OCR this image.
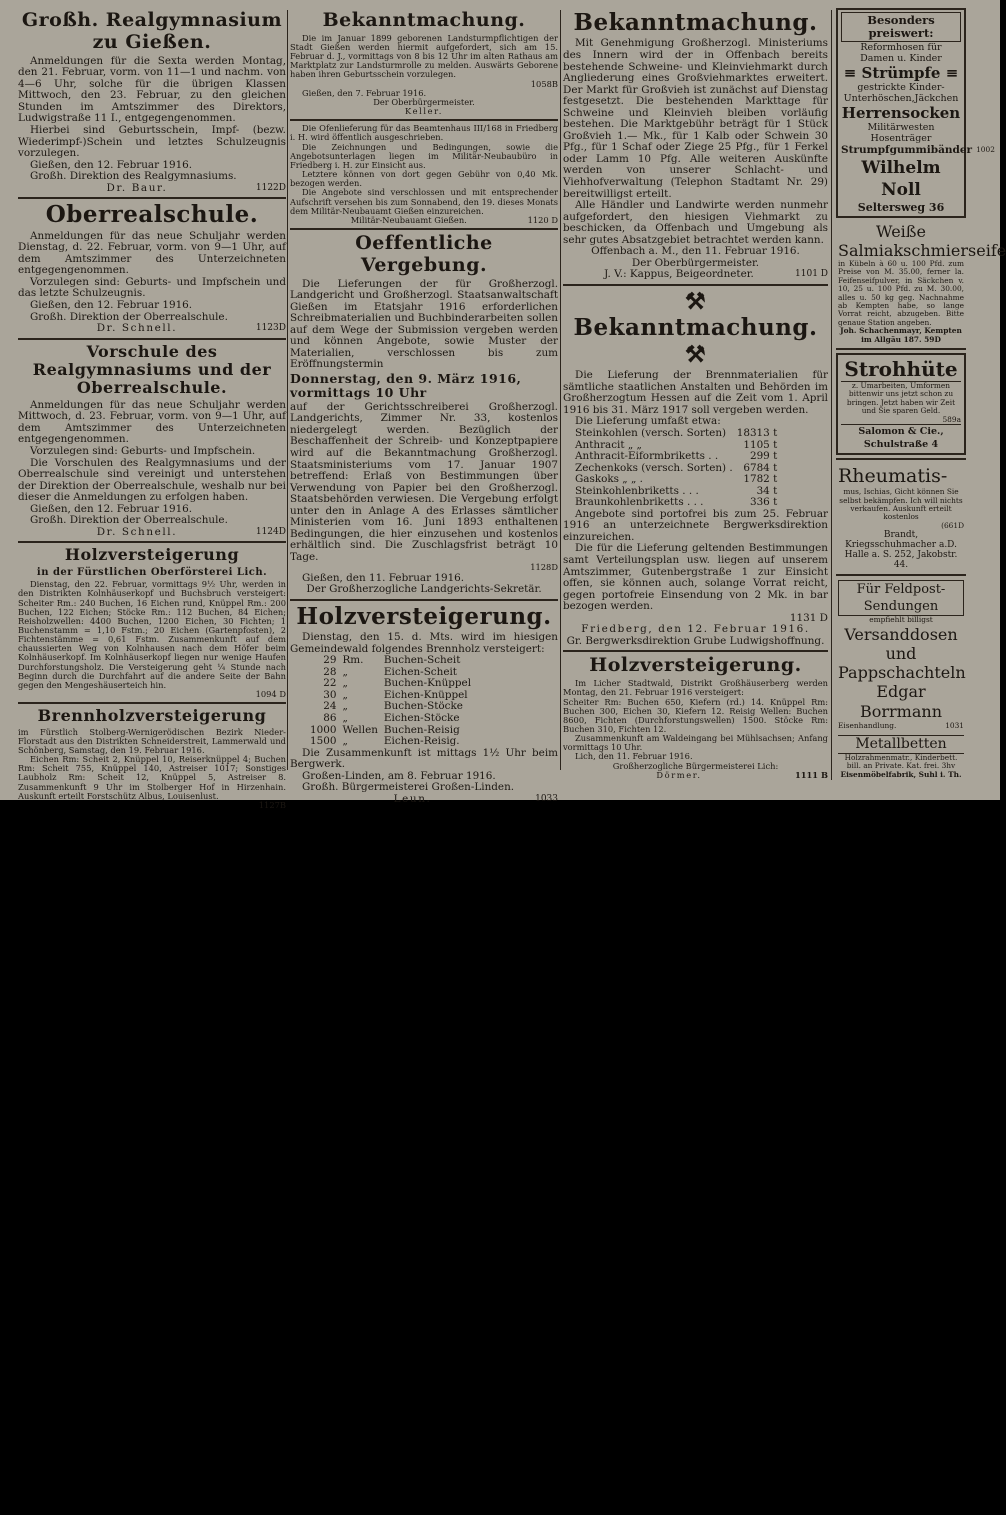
Großh. Realgymnasium zu Gießen.
Anmeldungen für die Sexta werden Montag, den 21. Februar, vorm. von 11—1 und nachm. von 4—6 Uhr, solche für die übrigen Klassen Mittwoch, den 23. Februar, zu den gleichen Stunden im Amtszimmer des Direktors, Ludwigstraße 11 I., entgegengenommen.
Hierbei sind Geburtsschein, Impf- (bezw. Wiederimpf-)Schein und letztes Schulzeugnis vorzulegen.
Gießen, den 12. Februar 1916.
Großh. Direktion des Realgymnasiums.
Dr. Baur.	1122D
Oberrealschule.
Anmeldungen für das neue Schuljahr werden Dienstag, d. 22. Februar, vorm. von 9—1 Uhr, auf dem Amtszimmer des Unterzeichneten entgegengenommen.
Vorzulegen sind: Geburts- und Impfschein und das letzte Schulzeugnis.
Gießen, den 12. Februar 1916.
Großh. Direktion der Oberrealschule.
Dr. Schnell.	1123D
Vorschule des Realgymnasiums und der Oberrealschule.
Anmeldungen für das neue Schuljahr werden Mittwoch, d. 23. Februar, vorm. von 9—1 Uhr, auf dem Amtszimmer des Unterzeichneten entgegengenommen.
Vorzulegen sind: Geburts- und Impfschein.
Die Vorschulen des Realgymnasiums und der Oberrealschule sind vereinigt und unterstehen der Direktion der Oberrealschule, weshalb nur bei dieser die Anmeldungen zu erfolgen haben.
Gießen, den 12. Februar 1916.
Großh. Direktion der Oberrealschule.
Dr. Schnell.	1124D
Holzversteigerung
in der Fürstlichen Oberförsterei Lich.
Dienstag, den 22. Februar, vormittags 9½ Uhr, werden in den Distrikten Kolnhäuserkopf und Buchsbruch versteigert: Scheiter Rm.: 240 Buchen, 16 Eichen rund, Knüppel Rm.: 200 Buchen, 122 Eichen; Stöcke Rm.: 112 Buchen, 84 Eichen; Reisholzwellen: 4400 Buchen, 1200 Eichen, 30 Fichten; 1 Buchenstamm = 1,10 Fstm.; 20 Eichen (Gartenpfosten), 2 Fichtenstämme = 0,61 Fstm. Zusammenkunft auf dem chaussierten Weg von Kolnhausen nach dem Höfer beim Kolnhäuserkopf. Im Kolnhäuserkopf liegen nur wenige Haufen Durchforstungsholz. Die Versteigerung geht ¼ Stunde nach Beginn durch die Durchfahrt auf die andere Seite der Bahn gegen den Mengeshäuserteich hin.
1094 D
Brennholzversteigerung
im Fürstlich Stolberg-Wernigerödischen Bezirk Nieder-Florstadt aus den Distrikten Schneiderstreit, Lammerwald und Schönberg, Samstag, den 19. Februar 1916.
Eichen Rm: Scheit 2, Knüppel 10, Reiserknüppel 4; Buchen Rm: Scheit 755, Knüppel 140, Astreiser 1017; Sonstiges Laubholz Rm: Scheit 12, Knüppel 5, Astreiser 8. Zusammenkunft 9 Uhr im Stolberger Hof in Hirzenhain. Auskunft erteilt Forstschütz Albus, Louisenlust.
1127B
Bekanntmachung.
Die im Januar 1899 geborenen Landsturmpflichtigen der Stadt Gießen werden hiermit aufgefordert, sich am 15. Februar d. J., vormittags von 8 bis 12 Uhr im alten Rathaus am Marktplatz zur Landsturmrolle zu melden. Auswärts Geborene haben ihren Geburtsschein vorzulegen.
1058B
Gießen, den 7. Februar 1916.
Der Oberbürgermeister.
Keller.
Die Ofenlieferung für das Beamtenhaus III/168 in Friedberg i. H. wird öffentlich ausgeschrieben.
Die Zeichnungen und Bedingungen, sowie die Angebotsunterlagen liegen im Militär-Neubaubüro in Friedberg i. H. zur Einsicht aus.
Letztere können von dort gegen Gebühr von 0,40 Mk. bezogen werden.
Die Angebote sind verschlossen und mit entsprechender Aufschrift versehen bis zum Sonnabend, den 19. dieses Monats dem Militär-Neubauamt Gießen einzureichen.
Militär-Neubauamt Gießen.	1120 D
Oeffentliche Vergebung.
Die Lieferungen der für Großherzogl. Landgericht und Großherzogl. Staatsanwaltschaft Gießen im Etatsjahr 1916 erforderlichen Schreibmaterialien und Buchbinderarbeiten sollen auf dem Wege der Submission vergeben werden und können Angebote, sowie Muster der Materialien, verschlossen bis zum Eröffnungstermin
Donnerstag, den 9. März 1916, vormittags 10 Uhr
auf der Gerichtsschreiberei Großherzogl. Landgerichts, Zimmer Nr. 33, kostenlos niedergelegt werden. Bezüglich der Beschaffenheit der Schreib- und Konzeptpapiere wird auf die Bekanntmachung Großherzogl. Staatsministeriums vom 17. Januar 1907 betreffend: Erlaß von Bestimmungen über Verwendung von Papier bei den Großherzogl. Staatsbehörden verwiesen. Die Vergebung erfolgt unter den in Anlage A des Erlasses sämtlicher Ministerien vom 16. Juni 1893 enthaltenen Bedingungen, die hier einzusehen und kostenlos erhältlich sind. Die Zuschlagsfrist beträgt 10 Tage.
1128D
Gießen, den 11. Februar 1916.
Der Großherzogliche Landgerichts-Sekretär.
Holzversteigerung.
Dienstag, den 15. d. Mts. wird im hiesigen Gemeindewald folgendes Brennholz versteigert:
29	Rm.	Buchen-Scheit
28	„	Eichen-Scheit
22	„	Buchen-Knüppel
30	„	Eichen-Knüppel
24	„	Buchen-Stöcke
86	„	Eichen-Stöcke
1000	Wellen	Buchen-Reisig
1500	„	Eichen-Reisig.
Die Zusammenkunft ist mittags 1½ Uhr beim Bergwerk.
Großen-Linden, am 8. Februar 1916.
Großh. Bürgermeisterei Großen-Linden.
Leun.	1033
Bekanntmachung.
Mit Genehmigung Großherzogl. Ministeriums des Innern wird der in Offenbach bereits bestehende Schweine- und Kleinviehmarkt durch Angliederung eines Großviehmarktes erweitert. Der Markt für Großvieh ist zunächst auf Dienstag festgesetzt. Die bestehenden Markttage für Schweine und Kleinvieh bleiben vorläufig bestehen. Die Marktgebühr beträgt für 1 Stück Großvieh 1.— Mk., für 1 Kalb oder Schwein 30 Pfg., für 1 Schaf oder Ziege 25 Pfg., für 1 Ferkel oder Lamm 10 Pfg. Alle weiteren Auskünfte werden von unserer Schlacht- und Viehhofverwaltung (Telephon Stadtamt Nr. 29) bereitwilligst erteilt.
Alle Händler und Landwirte werden nunmehr aufgefordert, den hiesigen Viehmarkt zu beschicken, da Offenbach und Umgebung als sehr gutes Absatzgebiet betrachtet werden kann.
Offenbach a. M., den 11. Februar 1916.
Der Oberbürgermeister.
J. V.: Kappus, Beigeordneter.	1101 D
⚒Bekanntmachung.⚒
Die Lieferung der Brennmaterialien für sämtliche staatlichen Anstalten und Behörden im Großherzogtum Hessen auf die Zeit vom 1. April 1916 bis 31. März 1917 soll vergeben werden.
Die Lieferung umfaßt etwa:
Steinkohlen (versch. Sorten)	18313 t
Anthracit „ „	1105 t
Anthracit-Eiformbriketts . .	299 t
Zechenkoks (versch. Sorten) .	6784 t
Gaskoks „ „ .	1782 t
Steinkohlenbriketts . . .	34 t
Braunkohlenbriketts . . .	336 t
Angebote sind portofrei bis zum 25. Februar 1916 an unterzeichnete Bergwerksdirektion einzureichen.
Die für die Lieferung geltenden Bestimmungen samt Verteilungsplan usw. liegen auf unserem Amtszimmer, Gutenbergstraße 1 zur Einsicht offen, sie können auch, solange Vorrat reicht, gegen portofreie Einsendung von 2 Mk. in bar bezogen werden.
1131 D
Friedberg, den 12. Februar 1916.
Gr. Bergwerksdirektion Grube Ludwigshoffnung.
Holzversteigerung.
Im Licher Stadtwald, Distrikt Großhäuserberg werden Montag, den 21. Februar 1916 versteigert:
Scheiter Rm: Buchen 650, Kiefern (rd.) 14. Knüppel Rm: Buchen 300, Eichen 30, Kiefern 12. Reisig Wellen: Buchen 8600, Fichten (Durchforstungswellen) 1500. Stöcke Rm: Buchen 310, Fichten 12.
Zusammenkunft am Waldeingang bei Mühlsachsen; Anfang vormittags 10 Uhr.
Lich, den 11. Februar 1916.
Großherzogliche Bürgermeisterei Lich:
Dörmer.	1111 B
Besonders preiswert:
Reformhosen für
Damen u. Kinder
≡ Strümpfe ≡
gestrickte Kinder-
Unterhöschen,Jäckchen
Herrensocken
Militärwesten
Hosenträger
Strumpfgummibänder 1002
Wilhelm Noll
Seltersweg 36
Weiße Salmiakschmierseife
in Kübeln à 60 u. 100 Pfd. zum Preise von M. 35.00, ferner la. Feifenseifpulver, in Säckchen v. 10, 25 u. 100 Pfd. zu M. 30.00, alles u. 50 kg geg. Nachnahme ab Kempten habe, so lange Vorrat reicht, abzugeben. Bitte genaue Station angeben.
Joh. Schachenmayr, Kempten im Allgäu 187. 59D
Strohhüte
z. Umarbeiten, Umformen bittenwir uns jetzt schon zu bringen. Jetzt haben wir Zeit und Sie sparen Geld.
589a
Salomon & Cie., Schulstraße 4
Rheumatis-
mus, Ischias, Gicht können Sie selbst bekämpfen. Ich will nichts verkaufen. Auskunft erteilt kostenlos
(661D
Brandt, Kriegsschuhmacher a.D.
Halle a. S. 252, Jakobstr. 44.
Für Feldpost-Sendungen
empfiehlt billigst
Versanddosen und
Pappschachteln
Edgar Borrmann
Eisenhandlung.	1031
Metallbetten
Holzrahmenmatr., Kinderbett. bill. an Private. Kat. frei. 3hv
Eisenmöbelfabrik, Suhl i. Th.
